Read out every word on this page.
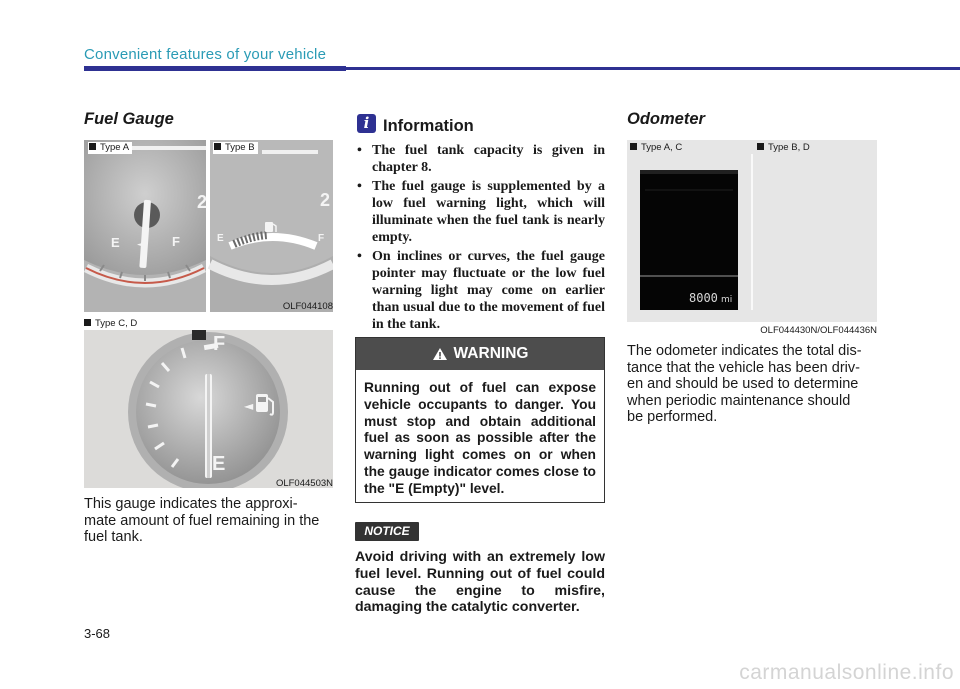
Convenient features of your vehicle
Fuel Gauge
E	F
◄
2
2
E	F
Type A	Type B
OLF044108
Type C, D
F
E
◄
OLF044503N
This gauge indicates the approxi-
mate amount of fuel remaining in the
fuel tank.
i Information
• The fuel tank capacity is given in chapter 8.
• The fuel gauge is supplemented by a low fuel warning light, which will illuminate when the fuel tank is nearly empty.
• On inclines or curves, the fuel gauge pointer may fluctuate or the low fuel warning light may come on earlier than usual due to the movement of fuel in the tank.
WARNING
Running out of fuel can expose vehicle occupants to danger. You must stop and obtain additional fuel as soon as possible after the warning light comes on or when the gauge indicator comes close to the "E (Empty)" level.
NOTICE
Avoid driving with an extremely low fuel level. Running out of fuel could cause the engine to misfire, damaging the catalytic converter.
Odometer
8000 mi
Type A, C	Type B, D
OLF044430N/OLF044436N
The odometer indicates the total dis-
tance that the vehicle has been driv-
en and should be used to determine
when periodic maintenance should
be performed.
3-68
carmanualsonline.info
